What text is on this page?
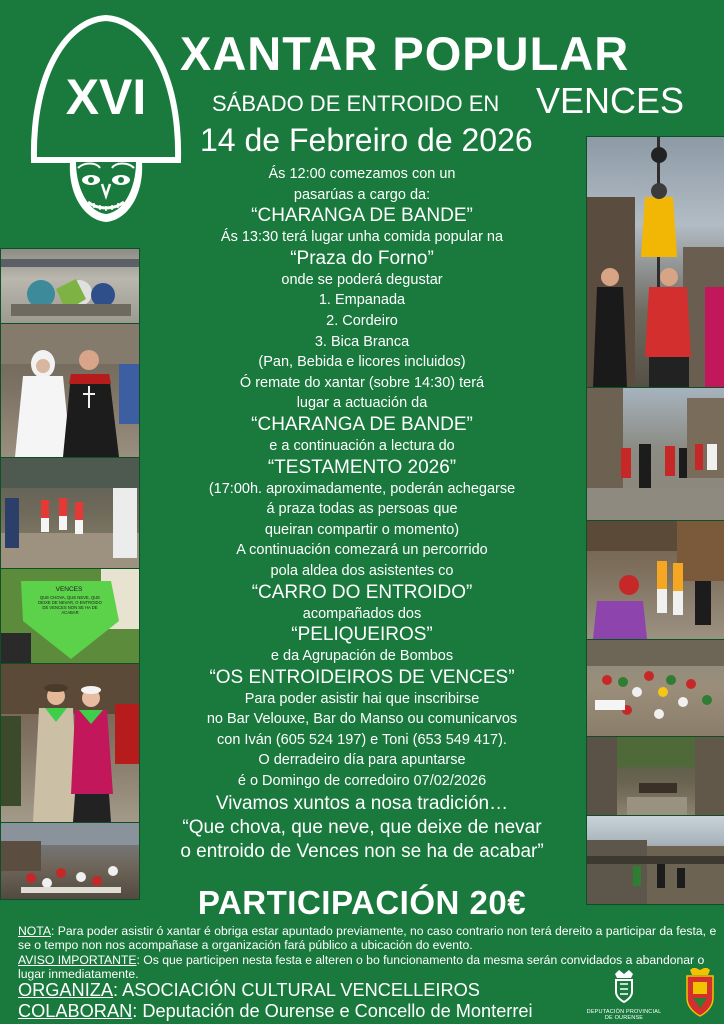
XVI
XANTAR POPULAR
SÁBADO DE ENTROIDO EN VENCES
14 de Febreiro de 2026
VENCES
QUE CHOVA, QUE NEVE, QUE DEIXE DE NEVAR, O ENTROIDO DE VENCES NON SE HA DE ACABAR
Ás 12:00 comezamos con un
pasarúas a cargo da:
“CHARANGA DE BANDE”
Ás 13:30 terá lugar unha comida popular na
“Praza do Forno”
onde se poderá degustar
1. Empanada
2. Cordeiro
3. Bica Branca
(Pan, Bebida e licores incluidos)
Ó remate do xantar (sobre 14:30) terá
lugar a actuación da
“CHARANGA DE BANDE”
e a continuación a lectura do
“TESTAMENTO 2026”
(17:00h. aproximadamente, poderán achegarse
á praza todas as persoas que
queiran compartir o momento)
A continuación comezará un percorrido
pola aldea dos asistentes co
“CARRO DO ENTROIDO”
acompañados dos
“PELIQUEIROS”
e da Agrupación de Bombos
“OS ENTROIDEIROS DE VENCES”
Para poder asistir hai que inscribirse
no Bar Velouxe, Bar do Manso ou comunicarvos
con Iván (605 524 197) e Toni (653 549 417).
O derradeiro día para apuntarse
é o Domingo de corredoiro 07/02/2026
Vivamos xuntos a nosa tradición…
“Que chova, que neve, que deixe de nevar
o entroido de Vences non se ha de acabar”
PARTICIPACIÓN 20€
NOTA: Para poder asistir ó xantar é obriga estar apuntado previamente, no caso contrario non terá dereito a participar da festa, e se o tempo non nos acompañase a organización fará público a ubicación do evento.
AVISO IMPORTANTE: Os que participen nesta festa e alteren o bo funcionamento da mesma serán convidados a abandonar o lugar inmediatamente.
ORGANIZA: ASOCIACIÓN CULTURAL VENCELLEIROS
COLABORAN: Deputación de Ourense e Concello de Monterrei	DEPUTACIÓN PROVINCIAL
DE OURENSE
